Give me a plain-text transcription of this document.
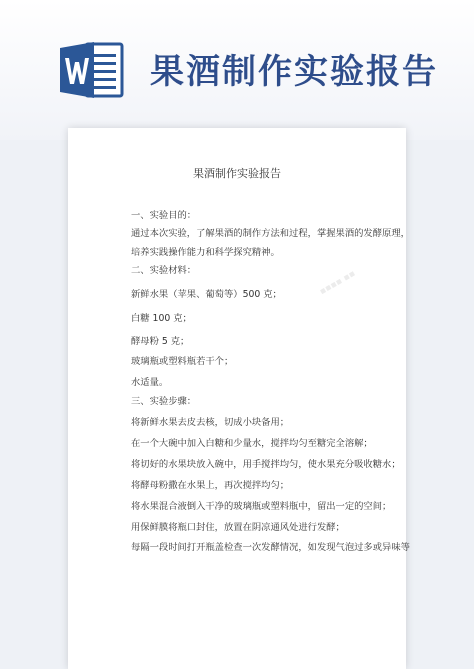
果酒制作实验报告
▪▪▪▪ ▪▪
果酒制作实验报告
一、实验目的：
通过本次实验，了解果酒的制作方法和过程，掌握果酒的发酵原理，
培养实践操作能力和科学探究精神。
二、实验材料：
新鲜水果（苹果、葡萄等）500 克；
白糖 100 克；
酵母粉 5 克；
玻璃瓶或塑料瓶若干个；
水适量。
三、实验步骤：
将新鲜水果去皮去核，切成小块备用；
在一个大碗中加入白糖和少量水，搅拌均匀至糖完全溶解；
将切好的水果块放入碗中，用手搅拌均匀，使水果充分吸收糖水；
将酵母粉撒在水果上，再次搅拌均匀；
将水果混合液倒入干净的玻璃瓶或塑料瓶中，留出一定的空间；
用保鲜膜将瓶口封住，放置在阴凉通风处进行发酵；
每隔一段时间打开瓶盖检查一次发酵情况，如发现气泡过多或异味等
